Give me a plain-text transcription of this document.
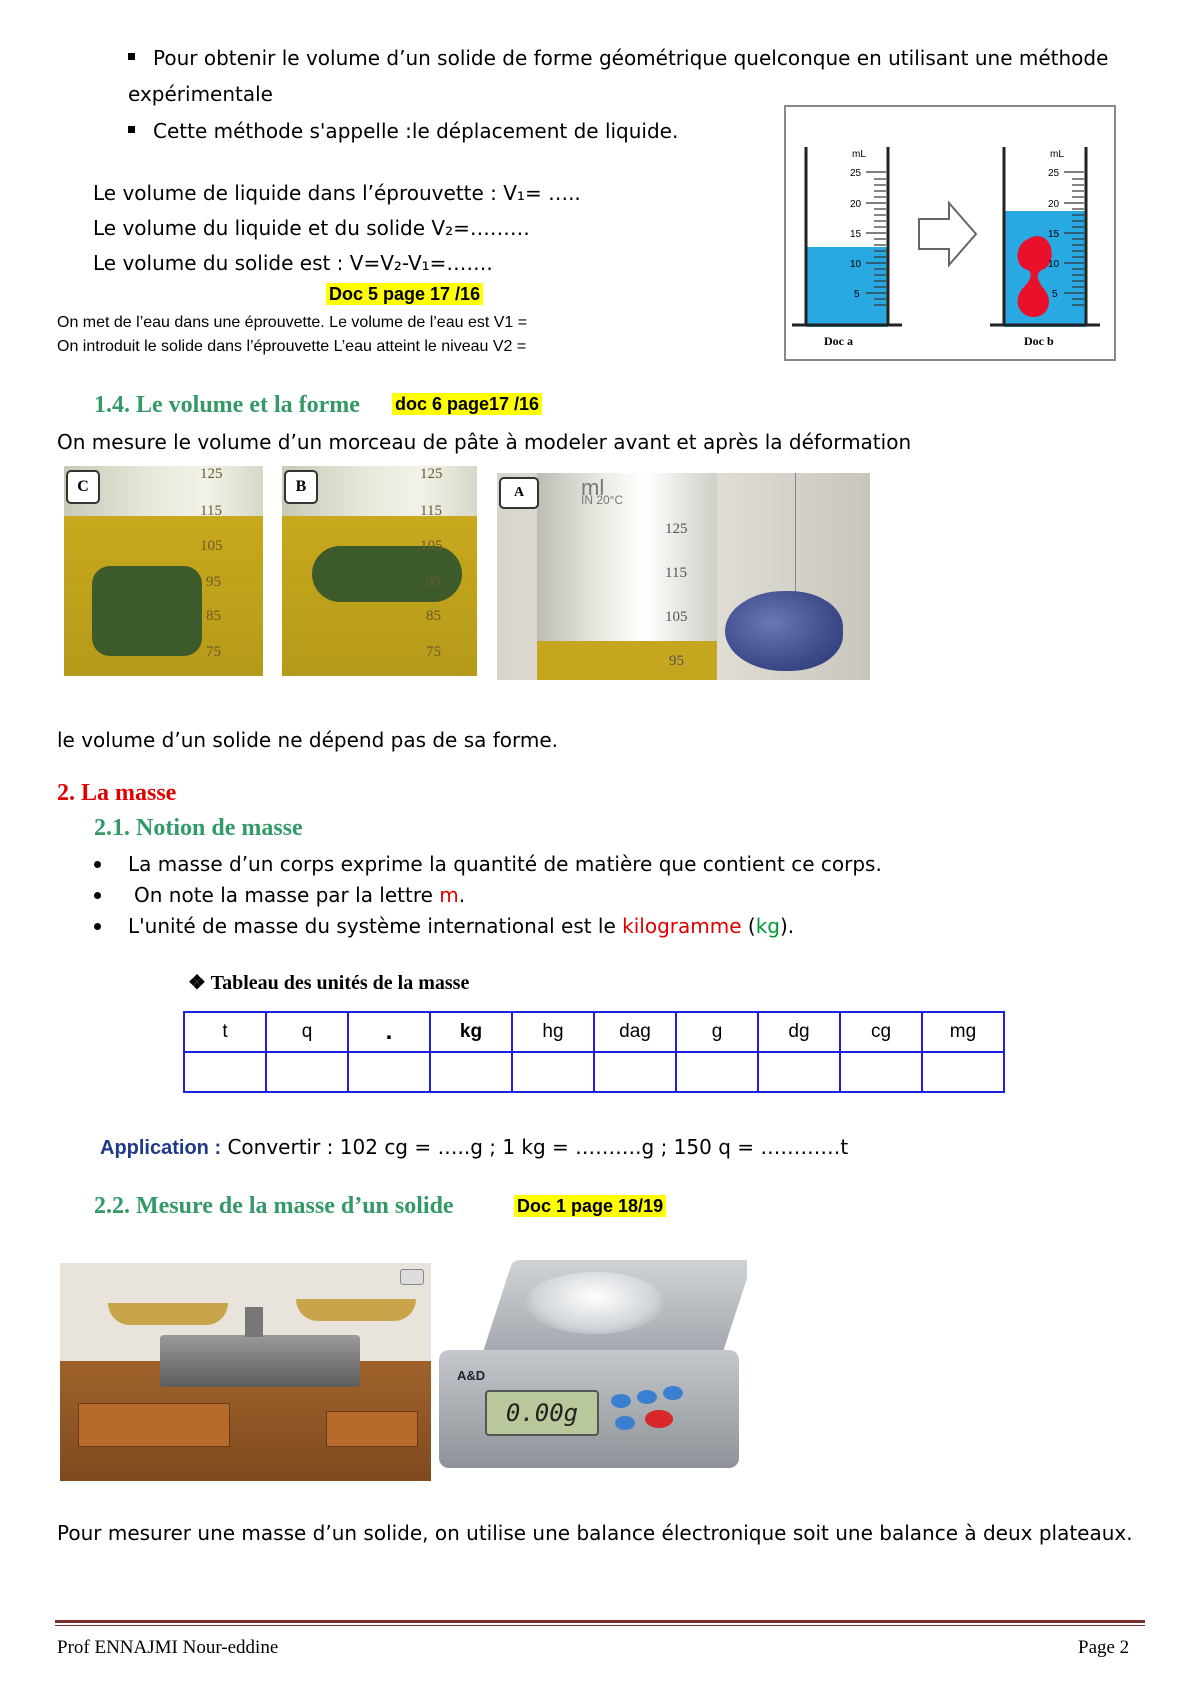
Pour obtenir le volume d’un solide de forme géométrique quelconque en utilisant une méthode
expérimentale
Cette méthode s'appelle :le déplacement de liquide.
Le volume de liquide dans l’éprouvette : V₁= …..
Le volume du liquide et du solide V₂=………
Le volume du solide est : V=V₂-V₁=…….
Doc 5 page 17 /16
On met de l’eau dans une éprouvette. Le volume de l’eau est V1 =
On introduit le solide dans l’éprouvette L’eau atteint le niveau V2 =
mL
25
20
15
10
5
Doc a
mL
25
20
15
10
5
Doc b
1.4. Le volume et la forme doc 6 page17 /16
On mesure le volume d’un morceau de pâte à modeler avant et après la déformation
C
125
115
105
95
85
75
B
125
115
105
95
85
75
A	ml
IN 20°C
125
115
105
95
le volume d’un solide ne dépend pas de sa forme.
2. La masse
2.1. Notion de masse
La masse d’un corps exprime la quantité de matière que contient ce corps.
On note la masse par la lettre m.
L'unité de masse du système international est le kilogramme (kg).
❖ Tableau des unités de la masse
t	q	.	kg	hg	dag	g	dg	cg	mg

Application : Convertir : 102 cg = …..g ; 1 kg = ……….g ; 150 q = …………t
2.2. Mesure de la masse d’un solide	Doc 1 page 18/19
A&D
0.00g
Pour mesurer une masse d’un solide, on utilise une balance électronique soit une balance à deux plateaux.
Prof ENNAJMI Nour-eddine	Page 2
